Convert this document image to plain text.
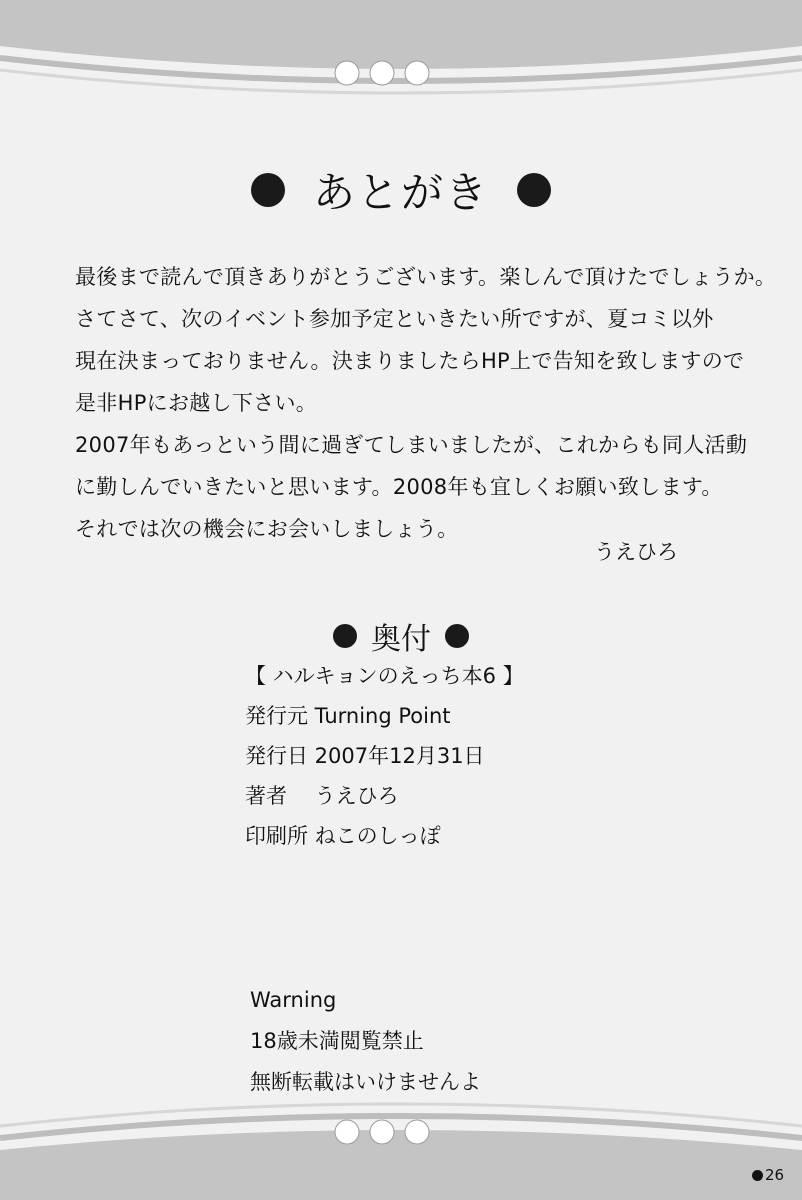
あとがき
最後まで読んで頂きありがとうございます。楽しんで頂けたでしょうか。
さてさて、次のイベント参加予定といきたい所ですが、夏コミ以外
現在決まっておりません。決まりましたらHP上で告知を致しますので
是非HPにお越し下さい。
2007年もあっという間に過ぎてしまいましたが、これからも同人活動
に勤しんでいきたいと思います。2008年も宜しくお願い致します。
それでは次の機会にお会いしましょう。
うえひろ
奥付
【 ハルキョンのえっち本6 】
発行元 Turning Point
発行日 2007年12月31日
著者　 うえひろ
印刷所 ねこのしっぽ
Warning
18歳未満閲覧禁止
無断転載はいけませんよ
26
